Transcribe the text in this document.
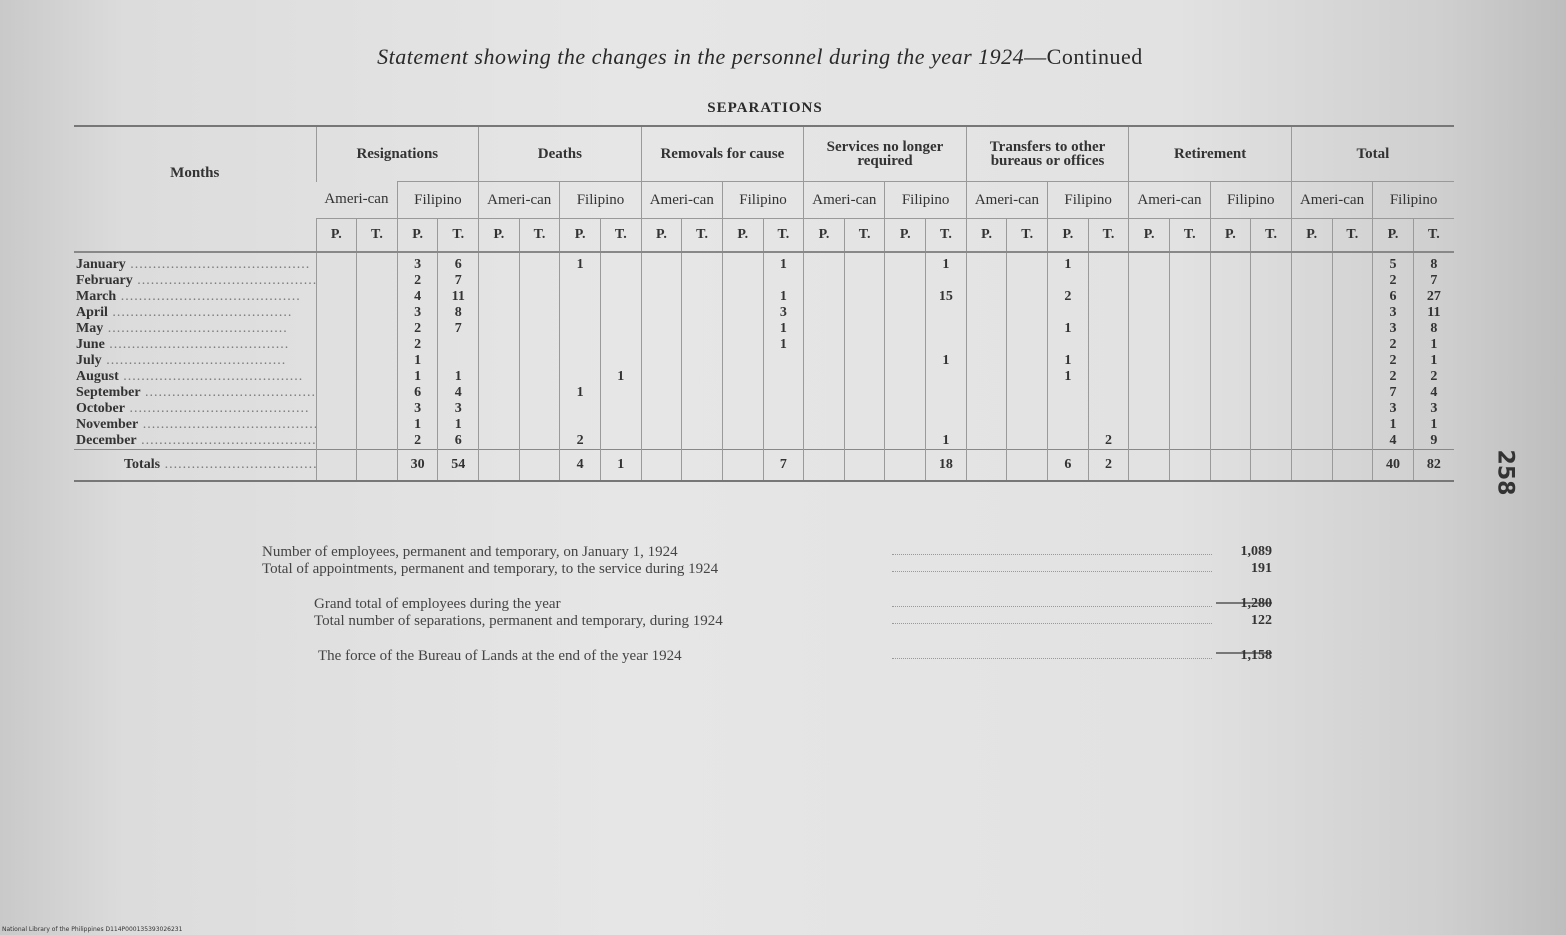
Statement showing the changes in the personnel during the year 1924—Continued
SEPARATIONS
Months	Resignations				Deaths				Removals for cause				Services no longer required				Transfers to other bureaus or offices				Retirement				Total			
	Ameri-can		Filipino		Ameri-can		Filipino		Ameri-can		Filipino		Ameri-can		Filipino		Ameri-can		Filipino		Ameri-can		Filipino		Ameri-can		Filipino	
	P.	T.	P.	T.	P.	T.	P.	T.	P.	T.	P.	T.	P.	T.	P.	T.	P.	T.	P.	T.	P.	T.	P.	T.	P.	T.	P.	T.
January .....			3	6			1					1				1			1								5	8
February .....			2	7																							2	7
March .....			4	11								1				15			2								6	27
April .....			3	8								3															3	11
May .....			2	7								1							1								3	8
June .....			2									1															2	1
July .....			1													1			1								2	1
August .....			1	1				1											1								2	2
September .....			6	4			1																				7	4
October .....			3	3																							3	3
November .....			1	1																							1	1
December .....			2	6			2									1				2							4	9
Totals .....			30	54			4	1				7				18			6	2							40	82
Number of employees, permanent and temporary, on January 1, 1924	1,089
Total of appointments, permanent and temporary, to the service during 1924	191
Grand total of employees during the year	1,280
Total number of separations, permanent and temporary, during 1924	122
The force of the Bureau of Lands at the end of the year 1924	1,158
258
National Library of the Philippines D114P000135393026231
